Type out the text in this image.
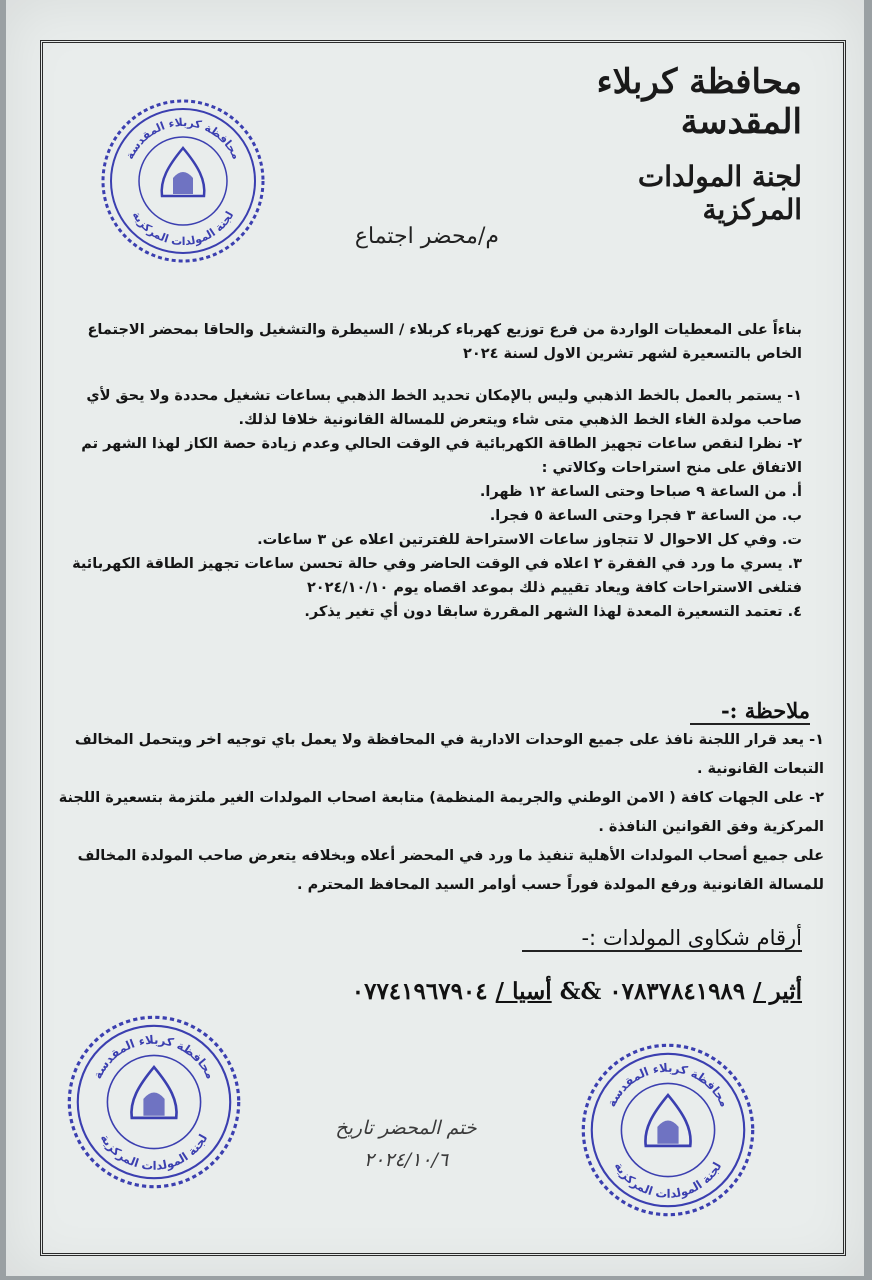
محافظة كربلاء المقدسة
لجنة المولدات المركزية
محافظة كربلاء المقدسة
لجنة المولدات المركزية
محافظة كربلاء المقدسة
لجنة المولدات المركزية
محافظة كربلاء المقدسة
لجنة المولدات المركزية
م/محضر اجتماع
بناءاً على المعطيات الواردة من فرع توزيع كهرباء كربلاء / السيطرة والتشغيل والحاقا بمحضر الاجتماع الخاص بالتسعيرة لشهر تشرين الاول لسنة ٢٠٢٤

١- يستمر بالعمل بالخط الذهبي وليس بالإمكان تحديد الخط الذهبي بساعات تشغيل محددة ولا يحق لأي صاحب مولدة الغاء الخط الذهبي متى شاء ويتعرض للمسالة القانونية خلافا لذلك.

٢- نظرا لنقص ساعات تجهيز الطاقة الكهربائية في الوقت الحالي وعدم زيادة حصة الكاز لهذا الشهر تم الاتفاق على منح استراحات وكالاتي :

أ. من الساعة ٩ صباحا وحتى الساعة ١٢ ظهرا.

ب. من الساعة ٣ فجرا وحتى الساعة ٥ فجرا.

ت. وفي كل الاحوال لا تتجاوز ساعات الاستراحة للفترتين اعلاه عن ٣ ساعات.

٣. يسري ما ورد في الفقرة ٢ اعلاه في الوقت الحاضر وفي حالة تحسن ساعات تجهيز الطاقة الكهربائية فتلغى الاستراحات كافة ويعاد تقييم ذلك بموعد اقصاه يوم ٢٠٢٤/١٠/١٠

٤. تعتمد التسعيرة المعدة لهذا الشهر المقررة سابقا دون أي تغير يذكر.

ملاحظة :-

١- يعد قرار اللجنة نافذ على جميع الوحدات الادارية في المحافظة ولا يعمل باي توجيه اخر ويتحمل المخالف التبعات القانونية .

٢- على الجهات كافة ( الامن الوطني والجريمة المنظمة) متابعة اصحاب المولدات الغير ملتزمة بتسعيرة اللجنة المركزية وفق القوانين النافذة .

على جميع أصحاب المولدات الأهلية تنفيذ ما ورد في المحضر أعلاه وبخلافه يتعرض صاحب المولدة المخالف للمسالة القانونية ورفع المولدة فوراً حسب أوامر السيد المحافظ المحترم .

أرقام شكاوى المولدات :-
أثير / ٠٧٨٣٧٨٤١٩٨٩ && أسيا / ٠٧٧٤١٩٦٧٩٠٤
ختم المحضر تاريخ
٢٠٢٤/١٠/٦
